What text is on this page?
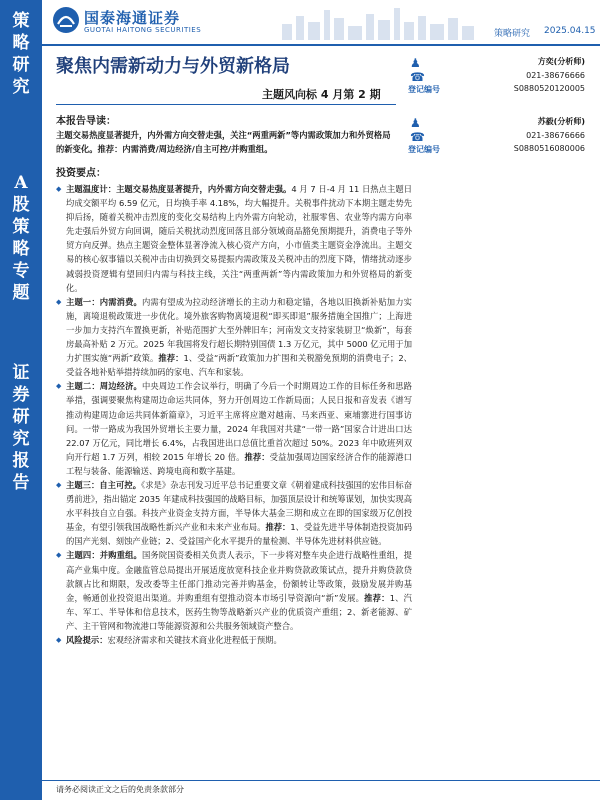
策
略
研
究
A
股
策
略
专
题
证
券
研
究
报
告
国泰海通证券
GUOTAI HAITONG SECURITIES	策略研究 2025.04.15
聚焦内需新动力与外贸新格局
主题风向标 4 月第 2 期
♟
☎
方奕(分析师)
021-38676666
登记编号	S0880520120005
♟
☎
苏毅(分析师)
021-38676666
登记编号	S0880516080006
本报告导读：
主题交易热度显著提升，内外需方向交替走强，关注“两重两新”等内需政策加力和外贸格局的新变化。推荐：内需消费/周边经济/自主可控/并购重组。
投资要点：

◆ 主题温度计：主题交易热度显著提升，内外需方向交替走强。4 月 7 日-4 月 11 日热点主题日均成交额平均 6.59 亿元，日均换手率 4.18%，均大幅提升。关税事件扰动下本期主题走势先抑后扬，随着关税冲击烈度的变化交易结构上内外需方向轮动，社服零售、农业等内需方向率先走强后外贸方向回调，随后关税扰动烈度回落且部分领域商品豁免预期提升，消费电子等外贸方向反弹。热点主题资金整体显著净流入核心资产方向，小市值类主题资金净流出。主题交易的核心叙事锚以关税冲击由切换到交易提振内需政策及关税冲击的烈度下降，情绪扰动逐步减弱投资逻辑有望回归内需与科技主线，关注“两重两新”等内需政策加力和外贸格局的新变化。

◆ 主题一：内需消费。内需有望成为拉动经济增长的主动力和稳定锚，各地以旧换新补贴加力实施，离境退税政策进一步优化。境外旅客购物离境退税“即买即退”服务措施全国推广；上海进一步加力支持汽车置换更新，补贴范围扩大至外牌旧车；河南发文支持家装厨卫“焕新”，每套房最高补贴 2 万元。2025 年我国将发行超长期特别国债 1.3 万亿元，其中 5000 亿元用于加力扩围实施“两新”政策。推荐：1、受益“两新”政策加力扩围和关税豁免预期的消费电子；2、受益各地补贴举措持续加码的家电、汽车和家装。

◆ 主题二：周边经济。中央周边工作会议举行，明确了今后一个时期周边工作的目标任务和思路举措，强调要聚焦构建周边命运共同体，努力开创周边工作新局面；人民日报和音发表《谱写推动构建周边命运共同体新篇章》，习近平主席将应邀对越南、马来西亚、柬埔寨进行国事访问。一带一路成为我国外贸增长主要力量，2024 年我国对共建“一带一路”国家合计进出口达 22.07 万亿元，同比增长 6.4%，占我国进出口总值比重首次超过 50%。2023 年中欧班列双向开行超 1.7 万列，相较 2015 年增长 20 倍。推荐：受益加强周边国家经济合作的能源港口工程与装备、能源输送、跨境电商和数字基建。

◆ 主题三：自主可控。《求是》杂志刊发习近平总书记重要文章《朝着建成科技强国的宏伟目标奋勇前进》，指出锚定 2035 年建成科技强国的战略目标，加强顶层设计和统筹谋划，加快实现高水平科技自立自强。科技产业资金支持方面，半导体大基金三期和成立在即的国家级万亿创投基金，有望引领我国战略性新兴产业和未来产业布局。推荐：1、受益先进半导体制造投资加码的国产光刻、刻蚀产业链；2、受益国产化水平提升的量检测、半导体先进材料供应链。

◆ 主题四：并购重组。国务院国资委相关负责人表示，下一步将对整车央企进行战略性重组，提高产业集中度。金融监管总局提出开展适度放宽科技企业并购贷款政策试点，提升并购贷款贷款额占比和期限，发改委等主任部门推动完善并购基金，份额转让等政策，鼓励发展并购基金，畅通创业投资退出渠道。并购重组有望推动资本市场引导资源向“新”发展。推荐：1、汽车、军工、半导体和信息技术，医药生物等战略新兴产业的优质资产重组；2、新老能源、矿产、主干管网和物流港口等能源资源和公共服务领域资产整合。

◆ 风险提示：宏观经济需求和关键技术商业化进程低于预期。

请务必阅读正文之后的免责条款部分
